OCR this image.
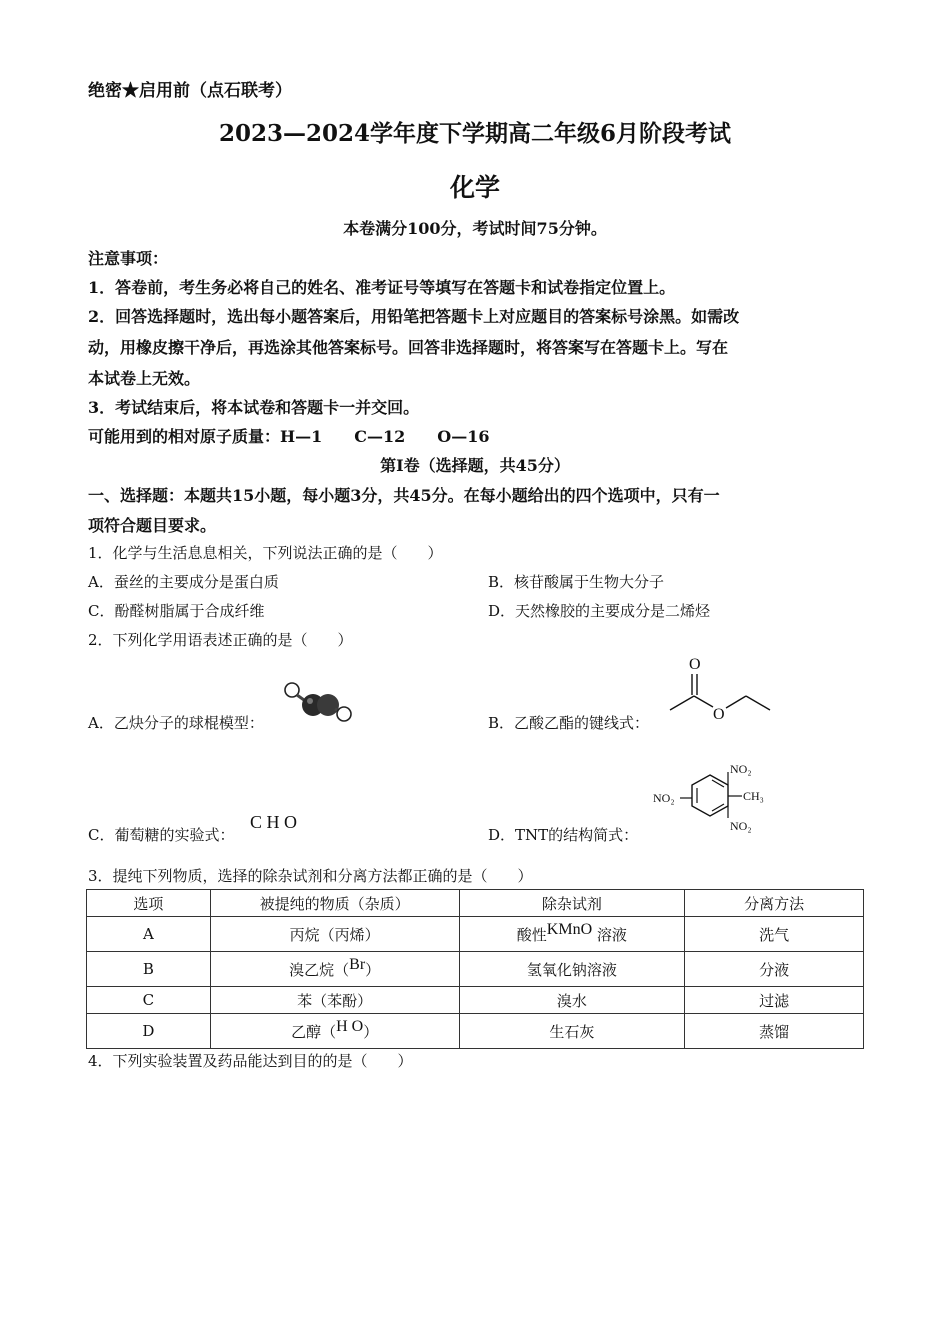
绝密★启用前（点石联考）
2023—2024学年度下学期高二年级6月阶段考试
化学
本卷满分100分，考试时间75分钟。
注意事项：
1．答卷前，考生务必将自己的姓名、准考证号等填写在答题卡和试卷指定位置上。
2．回答选择题时，选出每小题答案后，用铅笔把答题卡上对应题目的答案标号涂黑。如需改
动，用橡皮擦干净后，再选涂其他答案标号。回答非选择题时，将答案写在答题卡上。写在
本试卷上无效。
3．考试结束后，将本试卷和答题卡一并交回。
可能用到的相对原子质量：H—1 C—12 O—16
第Ⅰ卷（选择题，共45分）
一、选择题：本题共15小题，每小题3分，共45分。在每小题给出的四个选项中，只有一
项符合题目要求。
1．化学与生活息息相关，下列说法正确的是（　　）
A．蚕丝的主要成分是蛋白质	B．核苷酸属于生物大分子
C．酚醛树脂属于合成纤维	D．天然橡胶的主要成分是二烯烃
2．下列化学用语表述正确的是（　　）
A．乙炔分子的球棍模型：	B．乙酸乙酯的键线式：
O
O
C．葡萄糖的实验式：
C H O
D．TNT的结构简式：
NO₂
NO₂
NO₂
CH₃
3．提纯下列物质，选择的除杂试剂和分离方法都正确的是（　　）
选项	被提纯的物质（杂质）	除杂试剂	分离方法
A	丙烷（丙烯）	酸性KMnO 溶液	洗气
B	溴乙烷（Br）	氢氧化钠溶液	分液
C	苯（苯酚）	溴水	过滤
D	乙醇（H O）	生石灰	蒸馏
4．下列实验装置及药品能达到目的的是（　　）
